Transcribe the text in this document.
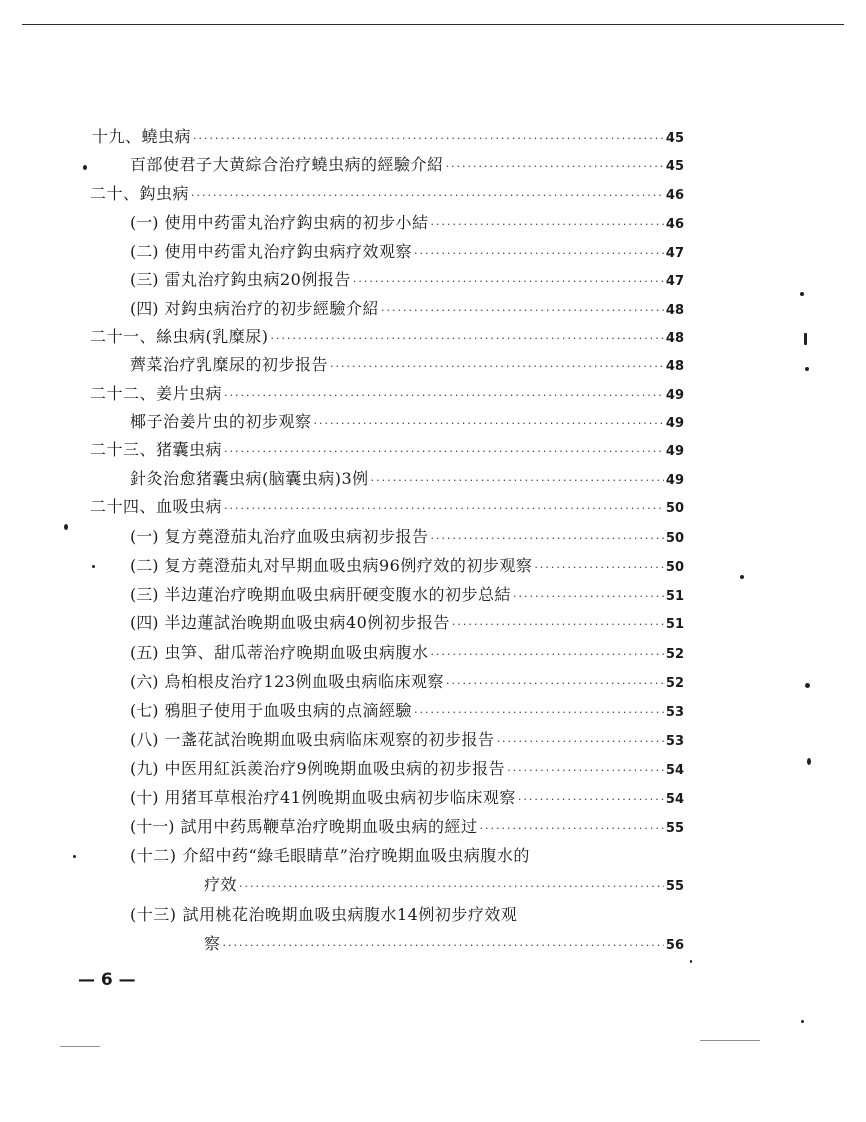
十九、蟯虫病 ·····	45
百部使君子大黄綜合治疗蟯虫病的經驗介紹 ·····	45
二十、鈎虫病 ·····	46
(一) 使用中药雷丸治疗鈎虫病的初步小結 ·····	46
(二) 使用中药雷丸治疗鈎虫病疗效观察 ·····	47
(三) 雷丸治疗鈎虫病20例报告 ·····	47
(四) 对鈎虫病治疗的初步經驗介紹 ·····	48
二十一、絲虫病(乳糜尿) ·····	48
薺菜治疗乳糜尿的初步报告 ·····	48
二十二、姜片虫病 ·····	49
椰子治姜片虫的初步观察 ·····	49
二十三、猪囊虫病 ·····	49
針灸治愈猪囊虫病(脑囊虫病)3例 ·····	49
二十四、血吸虫病 ·····	50
(一) 复方蕘澄茄丸治疗血吸虫病初步报告 ·····	50
(二) 复方蕘澄茄丸对早期血吸虫病96例疗效的初步观察 ·····	50
(三) 半边蓮治疗晚期血吸虫病肝硬变腹水的初步总結 ·····	51
(四) 半边蓮試治晚期血吸虫病40例初步报告 ·····	51
(五) 虫笋、甜瓜蒂治疗晚期血吸虫病腹水 ·····	52
(六) 烏桕根皮治疗123例血吸虫病临床观察 ·····	52
(七) 鴉胆子使用于血吸虫病的点滴經驗 ·····	53
(八) 一盞花試治晚期血吸虫病临床观察的初步报告 ·····	53
(九) 中医用紅浜羨治疗9例晚期血吸虫病的初步报告 ·····	54
(十) 用猪耳草根治疗41例晚期血吸虫病初步临床观察 ·····	54
(十一) 試用中药馬鞭草治疗晚期血吸虫病的經过 ·····	55
(十二) 介紹中药“綠毛眼睛草”治疗晚期血吸虫病腹水的
疗效 ·····	55
(十三) 試用桃花治晚期血吸虫病腹水14例初步疗效观
察 ·····	56
— 6 —
